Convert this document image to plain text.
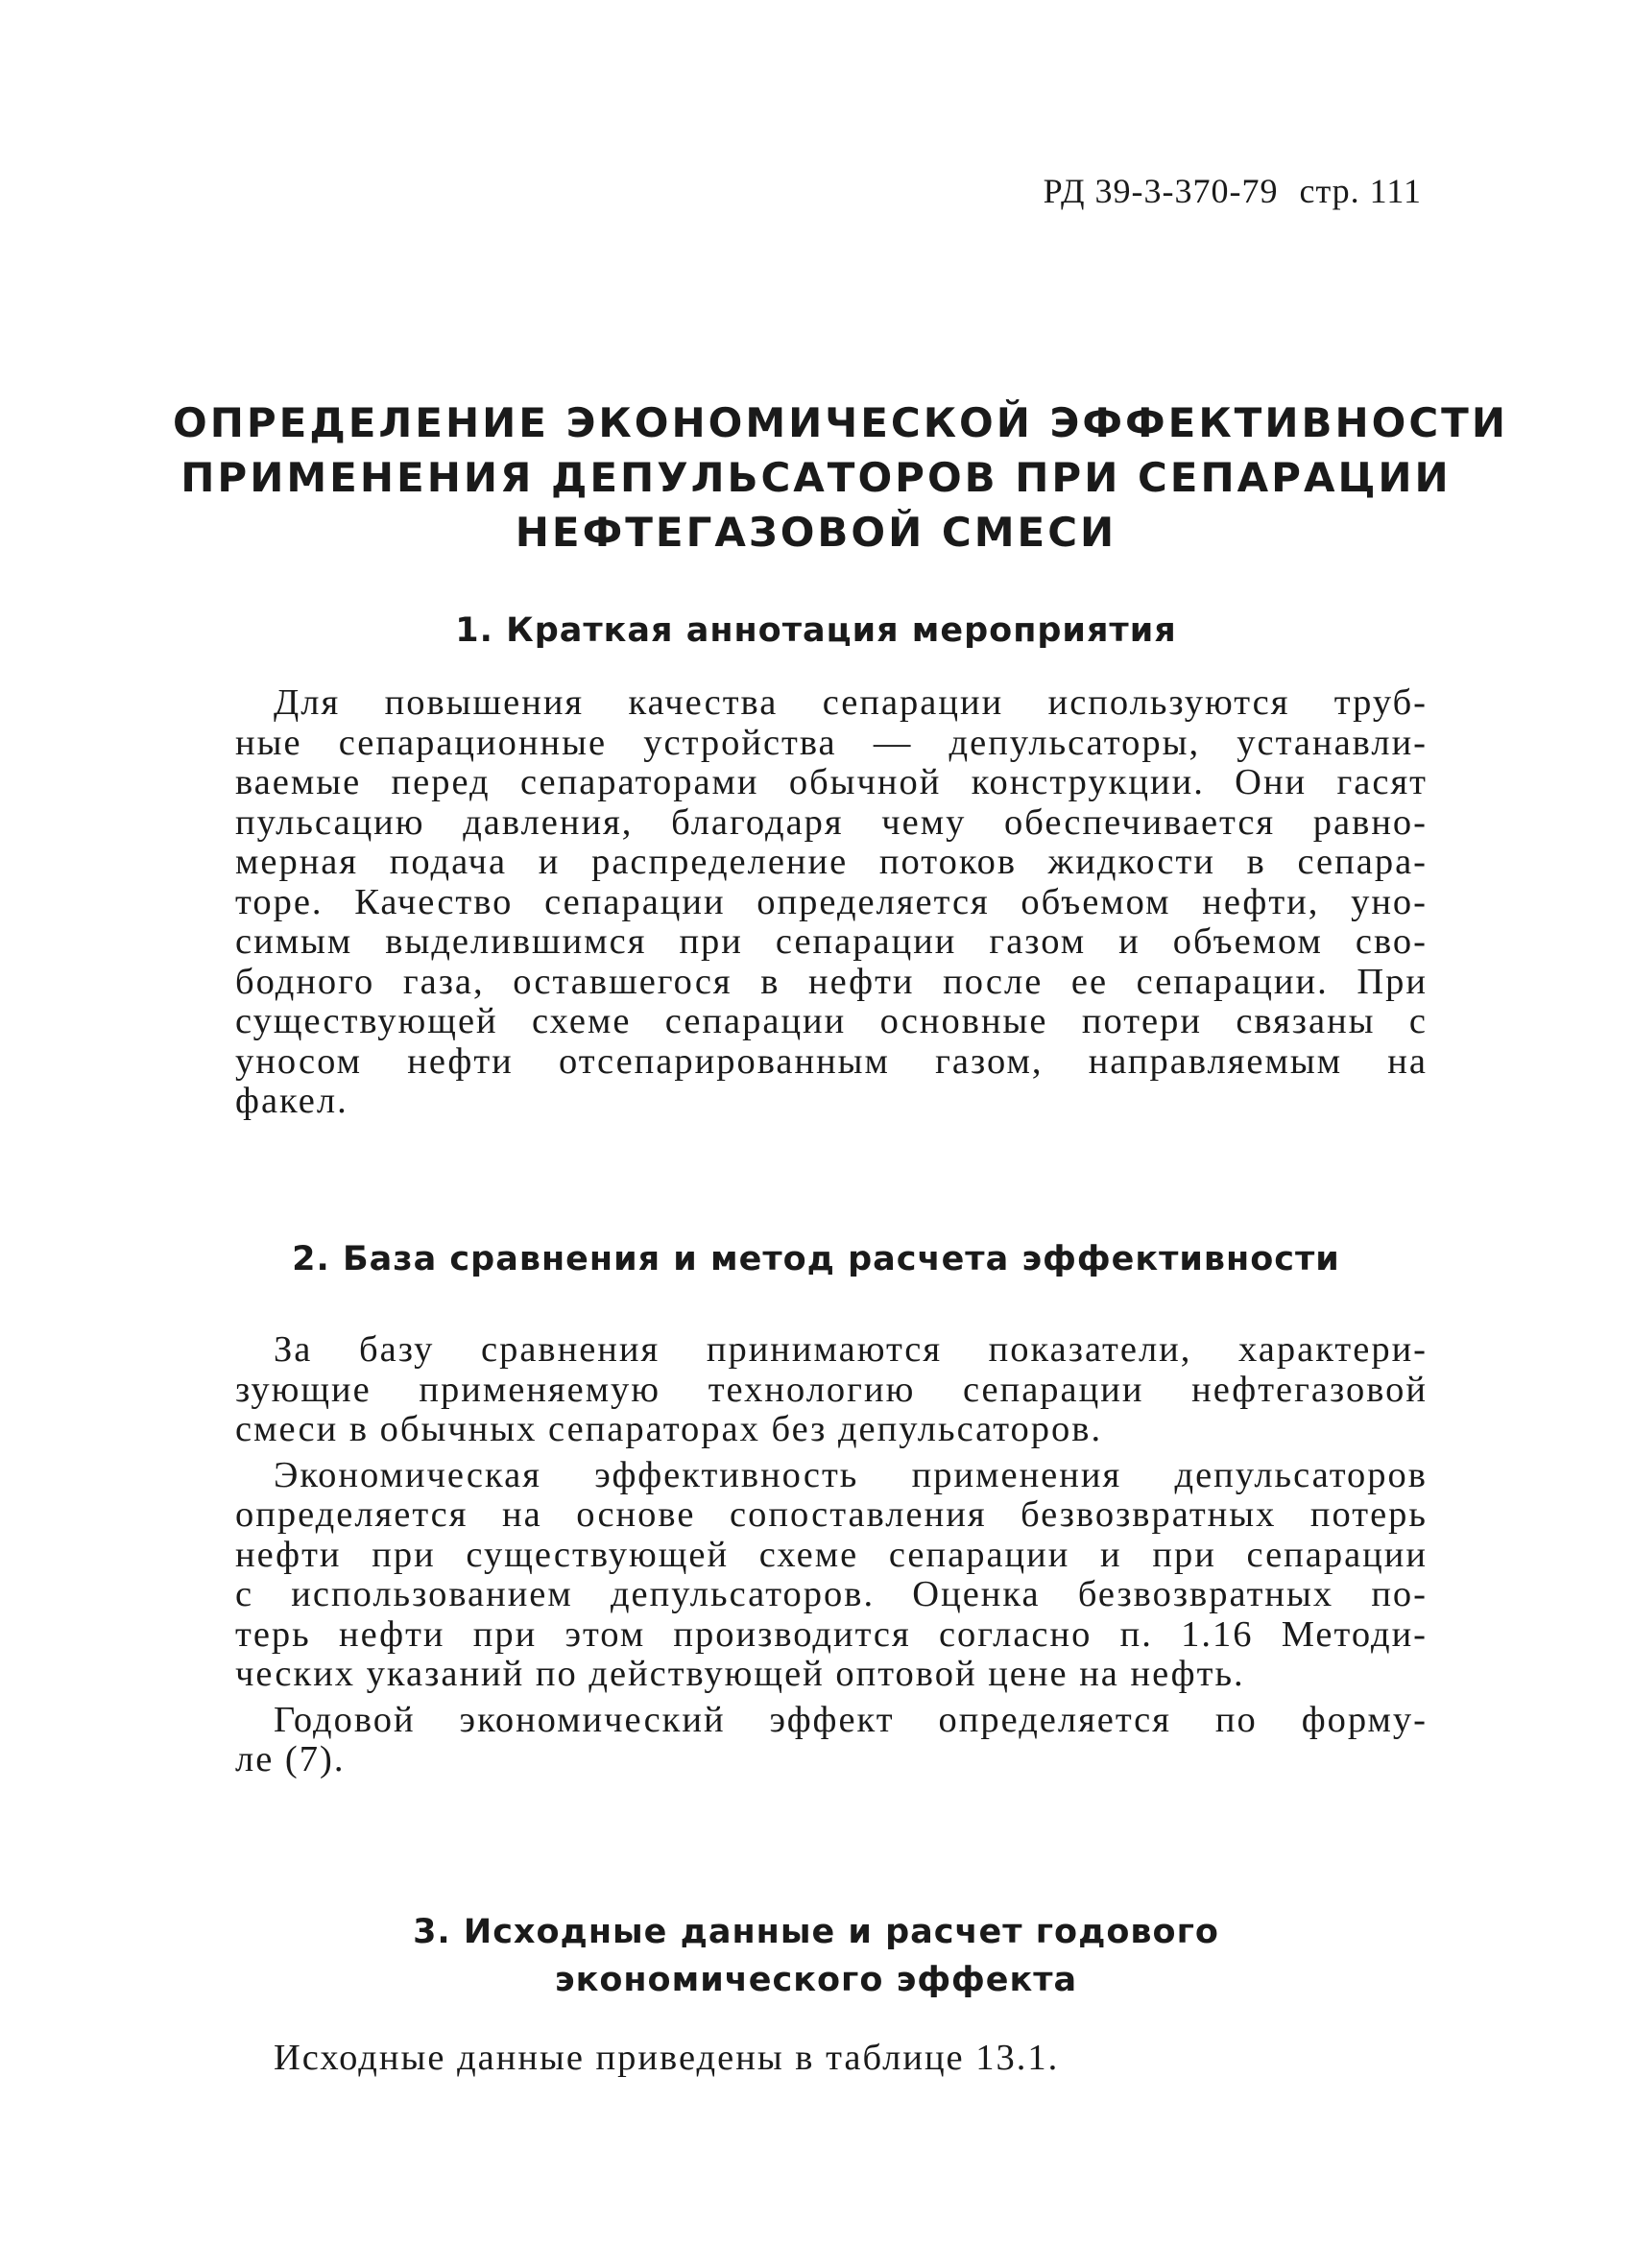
РД 39-3-370-79 стр. 111
ОПРЕДЕЛЕНИЕ ЭКОНОМИЧЕСКОЙ ЭФФЕКТИВНОСТИ
ПРИМЕНЕНИЯ ДЕПУЛЬСАТОРОВ ПРИ СЕПАРАЦИИ
НЕФТЕГАЗОВОЙ СМЕСИ
1. Краткая аннотация мероприятия
Для повышения качества сепарации используются труб-
ные сепарационные устройства — депульсаторы, устанавли-
ваемые перед сепараторами обычной конструкции. Они гасят
пульсацию давления, благодаря чему обеспечивается равно-
мерная подача и распределение потоков жидкости в сепара-
торе. Качество сепарации определяется объемом нефти, уно-
симым выделившимся при сепарации газом и объемом сво-
бодного газа, оставшегося в нефти после ее сепарации. При
существующей схеме сепарации основные потери связаны с
уносом нефти отсепарированным газом, направляемым на
факел.
2. База сравнения и метод расчета эффективности
За базу сравнения принимаются показатели, характери-
зующие применяемую технологию сепарации нефтегазовой
смеси в обычных сепараторах без депульсаторов.
Экономическая эффективность применения депульсаторов
определяется на основе сопоставления безвозвратных потерь
нефти при существующей схеме сепарации и при сепарации
с использованием депульсаторов. Оценка безвозвратных по-
терь нефти при этом производится согласно п. 1.16 Методи-
ческих указаний по действующей оптовой цене на нефть.
Годовой экономический эффект определяется по форму-
ле (7).
3. Исходные данные и расчет годового
экономического эффекта
Исходные данные приведены в таблице 13.1.
